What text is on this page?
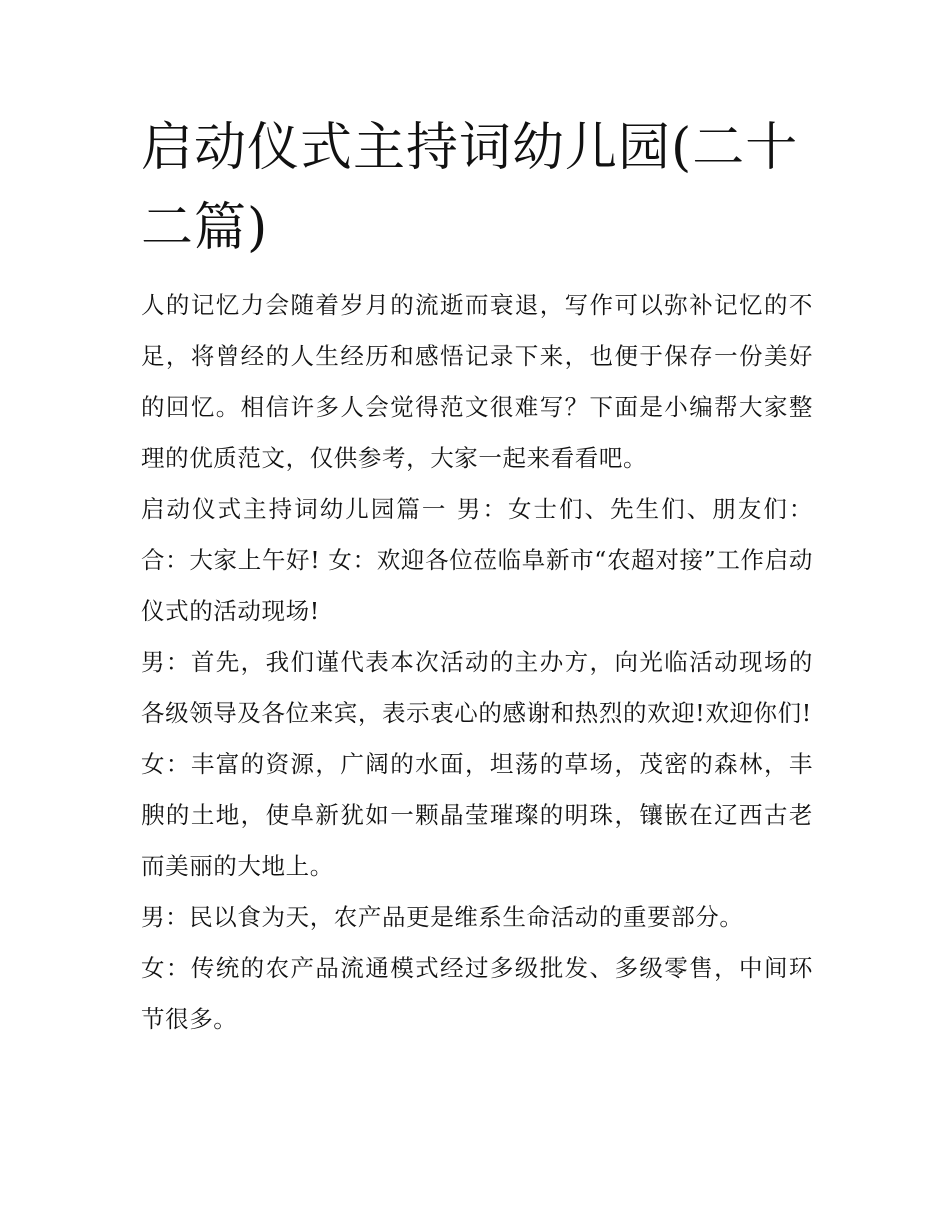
启动仪式主持词幼儿园(二十二篇)

人的记忆力会随着岁月的流逝而衰退，写作可以弥补记忆的不足，将曾经的人生经历和感悟记录下来，也便于保存一份美好的回忆。相信许多人会觉得范文很难写？下面是小编帮大家整理的优质范文，仅供参考，大家一起来看看吧。

启动仪式主持词幼儿园篇一 男：女士们、先生们、朋友们：合：大家上午好! 女：欢迎各位莅临阜新市“农超对接”工作启动仪式的活动现场!

男：首先，我们谨代表本次活动的主办方，向光临活动现场的各级领导及各位来宾，表示衷心的感谢和热烈的欢迎!欢迎你们!

女：丰富的资源，广阔的水面，坦荡的草场，茂密的森林，丰腴的土地，使阜新犹如一颗晶莹璀璨的明珠，镶嵌在辽西古老而美丽的大地上。

男：民以食为天，农产品更是维系生命活动的重要部分。

女：传统的农产品流通模式经过多级批发、多级零售，中间环节很多。
